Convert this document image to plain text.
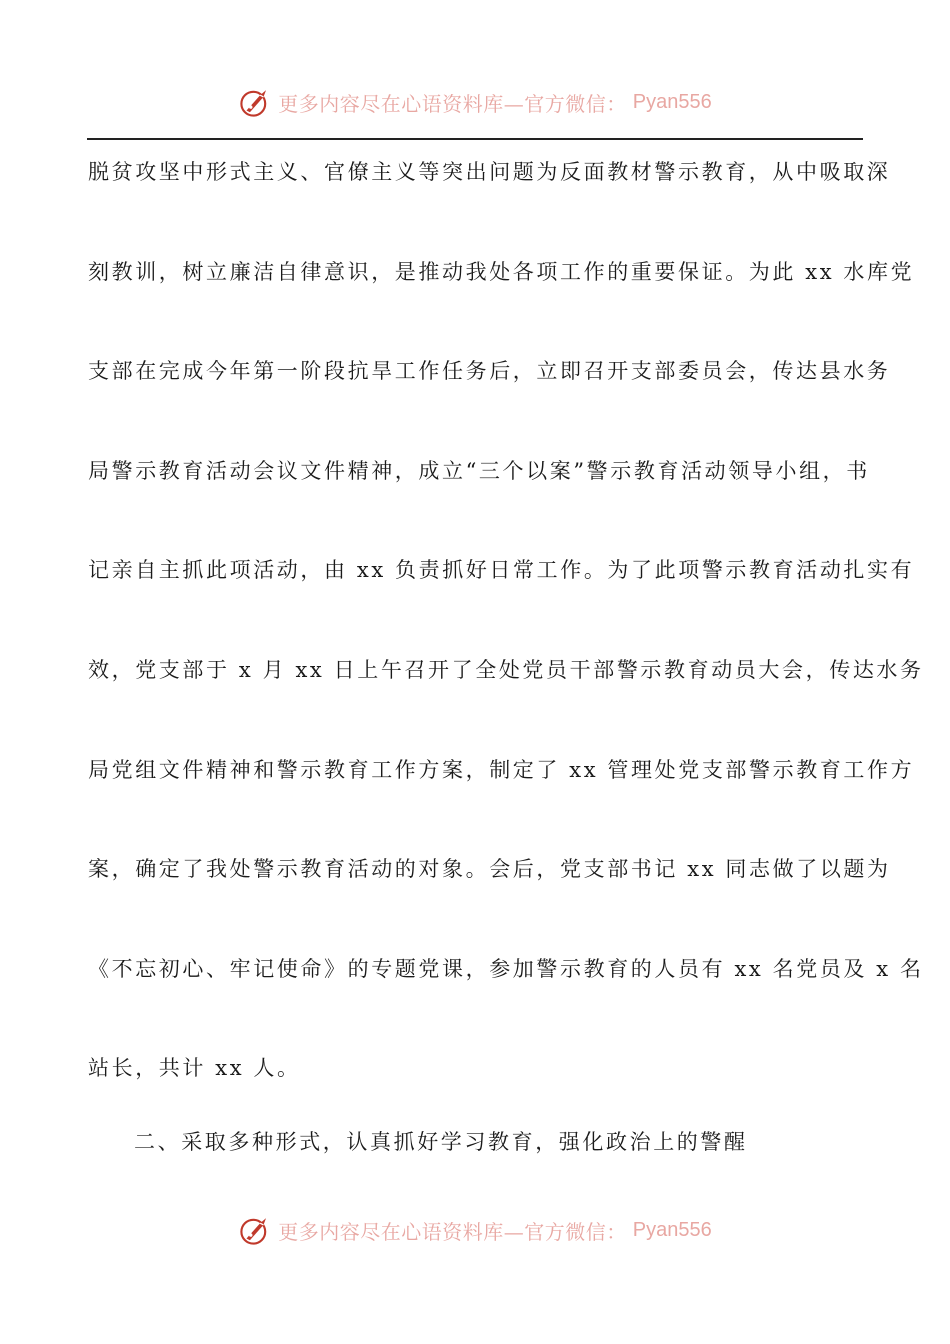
更多内容尽在心语资料库—官方微信： Pyan556
脱贫攻坚中形式主义、官僚主义等突出问题为反面教材警示教育，从中吸取深
刻教训，树立廉洁自律意识，是推动我处各项工作的重要保证。为此 xx 水库党
支部在完成今年第一阶段抗旱工作任务后，立即召开支部委员会，传达县水务
局警示教育活动会议文件精神，成立“三个以案”警示教育活动领导小组，书
记亲自主抓此项活动，由 xx 负责抓好日常工作。为了此项警示教育活动扎实有
效，党支部于 x 月 xx 日上午召开了全处党员干部警示教育动员大会，传达水务
局党组文件精神和警示教育工作方案，制定了 xx 管理处党支部警示教育工作方
案，确定了我处警示教育活动的对象。会后，党支部书记 xx 同志做了以题为
《不忘初心、牢记使命》的专题党课，参加警示教育的人员有 xx 名党员及 x 名
站长，共计 xx 人。
二、采取多种形式，认真抓好学习教育，强化政治上的警醒
更多内容尽在心语资料库—官方微信： Pyan556
